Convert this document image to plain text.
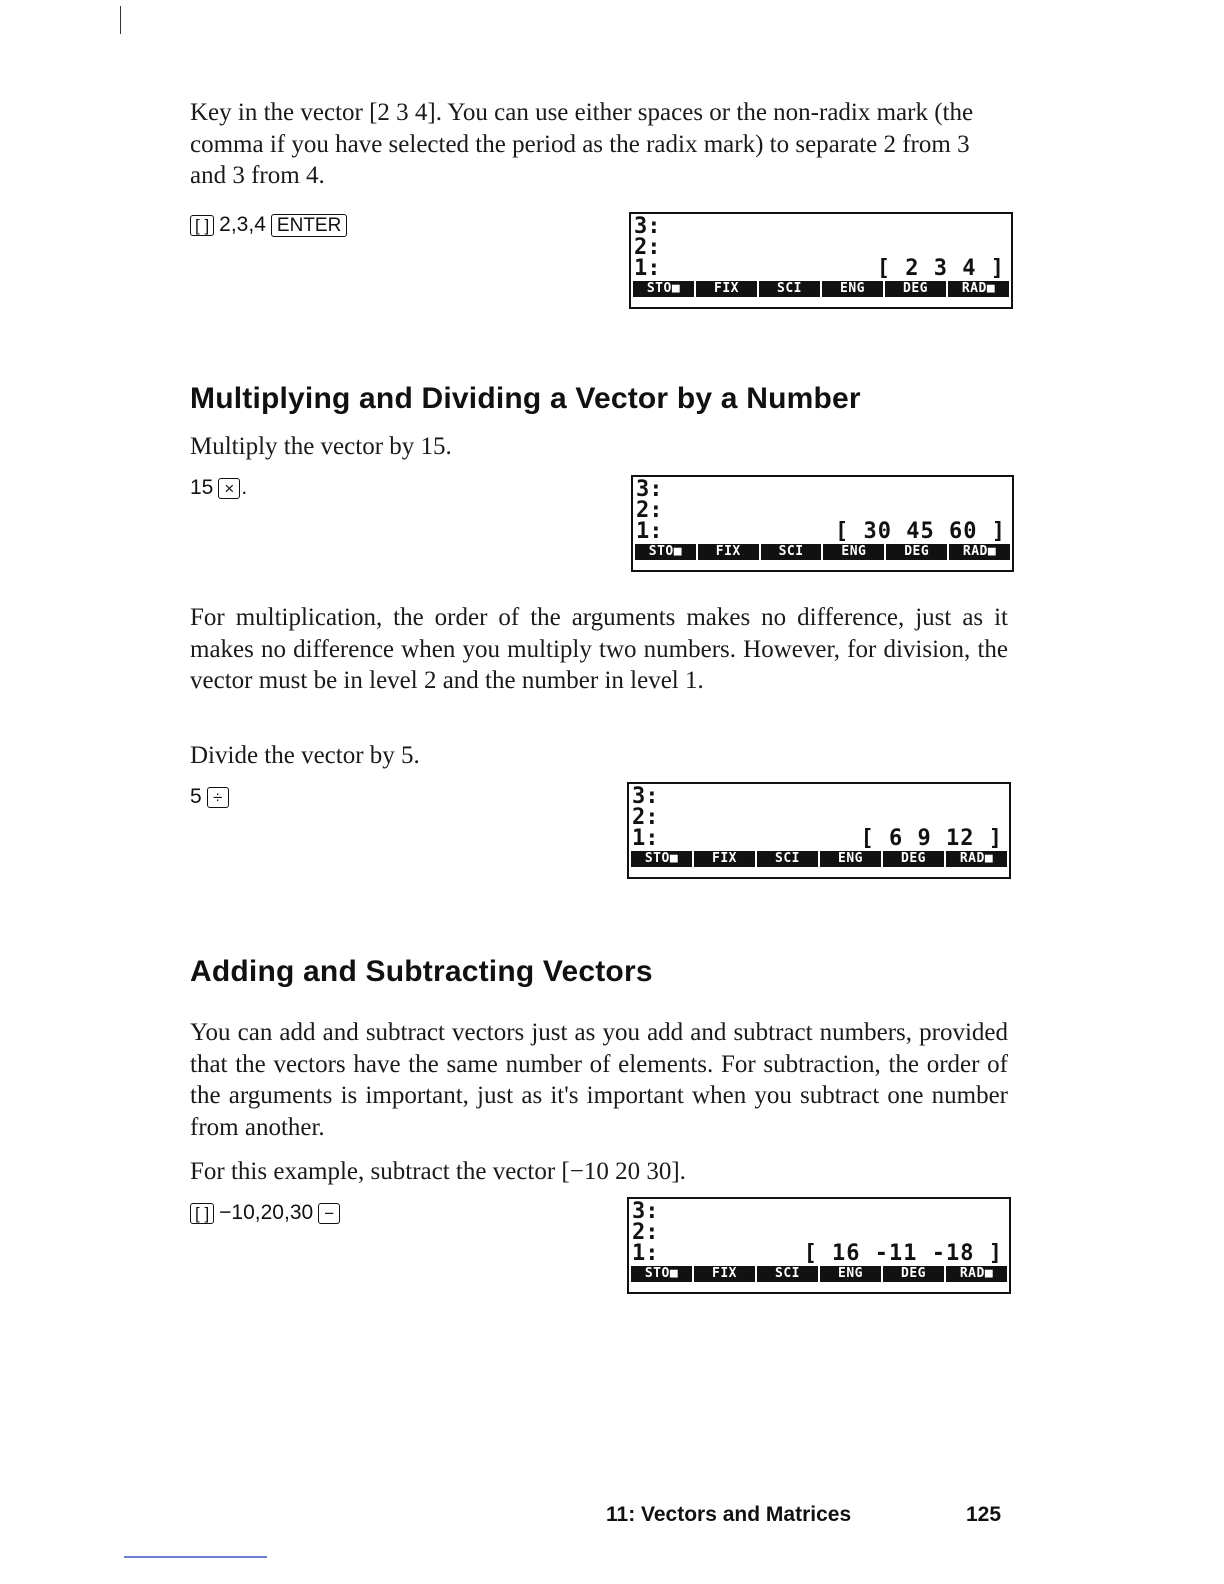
Key in the vector [2 3 4]. You can use either spaces or the non-radix mark (the comma if you have selected the period as the radix mark) to separate 2 from 3 and 3 from 4.
[ ] 2,3,4 ENTER	3:
2:
1:	[ 2 3 4 ]
STO■	FIX	SCI	ENG	DEG	RAD■
Multiplying and Dividing a Vector by a Number
Multiply the vector by 15.
15 × .	3:
2:
1:	[ 30 45 60 ]
STO■	FIX	SCI	ENG	DEG	RAD■
For multiplication, the order of the arguments makes no difference, just as it makes no difference when you multiply two numbers. However, for division, the vector must be in level 2 and the number in level 1.
Divide the vector by 5.
5 ÷	3:
2:
1:	[ 6 9 12 ]
STO■	FIX	SCI	ENG	DEG	RAD■
Adding and Subtracting Vectors
You can add and subtract vectors just as you add and subtract numbers, provided that the vectors have the same number of elements. For subtraction, the order of the arguments is important, just as it's important when you subtract one number from another.
For this example, subtract the vector [−10 20 30].
[ ] −10,20,30 −	3:
2:
1:	[ 16 -11 -18 ]
STO■	FIX	SCI	ENG	DEG	RAD■
11: Vectors and Matrices	125
